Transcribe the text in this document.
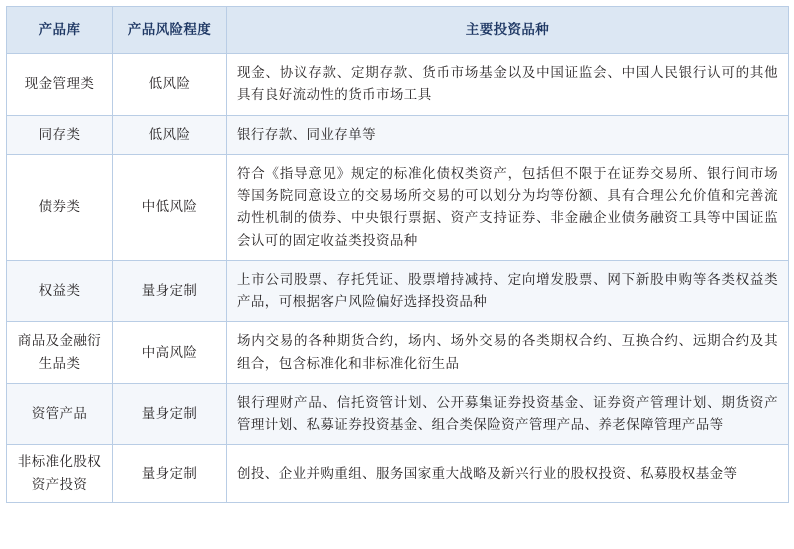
产品库	产品风险程度	主要投资品种
现金管理类	低风险	现金、协议存款、定期存款、货币市场基金以及中国证监会、中国人民银行认可的其他具有良好流动性的货币市场工具
同存类	低风险	银行存款、同业存单等
债券类	中低风险	符合《指导意见》规定的标准化债权类资产，包括但不限于在证券交易所、银行间市场等国务院同意设立的交易场所交易的可以划分为均等份额、具有合理公允价值和完善流动性机制的债券、中央银行票据、资产支持证券、非金融企业债务融资工具等中国证监会认可的固定收益类投资品种
权益类	量身定制	上市公司股票、存托凭证、股票增持减持、定向增发股票、网下新股申购等各类权益类产品，可根据客户风险偏好选择投资品种
商品及金融衍生品类	中高风险	场内交易的各种期货合约，场内、场外交易的各类期权合约、互换合约、远期合约及其组合，包含标准化和非标准化衍生品
资管产品	量身定制	银行理财产品、信托资管计划、公开募集证券投资基金、证券资产管理计划、期货资产管理计划、私募证券投资基金、组合类保险资产管理产品、养老保障管理产品等
非标准化股权资产投资	量身定制	创投、企业并购重组、服务国家重大战略及新兴行业的股权投资、私募股权基金等
